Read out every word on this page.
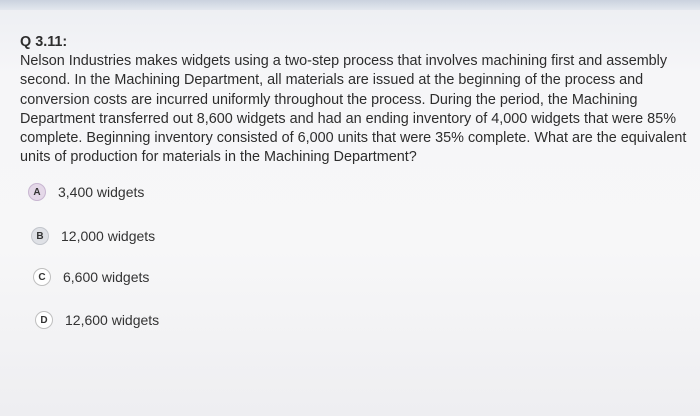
Q 3.11:
Nelson Industries makes widgets using a two-step process that involves machining first and assembly second. In the Machining Department, all materials are issued at the beginning of the process and conversion costs are incurred uniformly throughout the process. During the period, the Machining Department transferred out 8,600 widgets and had an ending inventory of 4,000 widgets that were 85% complete. Beginning inventory consisted of 6,000 units that were 35% complete. What are the equivalent units of production for materials in the Machining Department?
A	3,400 widgets
B	12,000 widgets
C	6,600 widgets
D	12,600 widgets
